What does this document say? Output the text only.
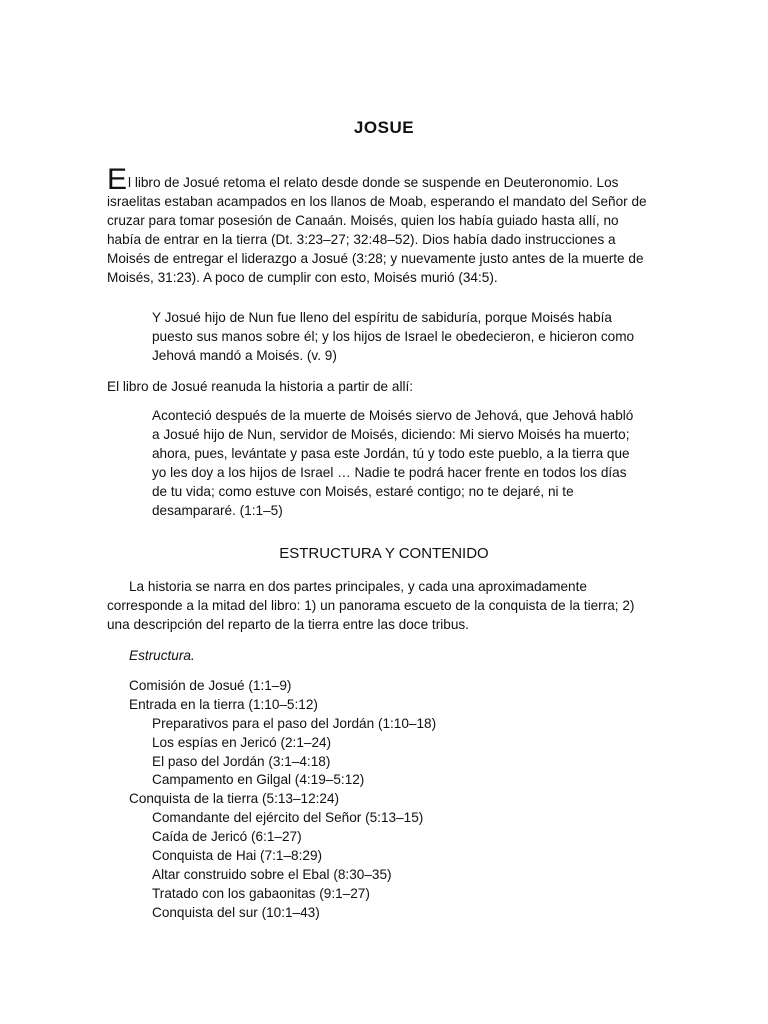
JOSUE

El libro de Josué retoma el relato desde donde se suspende en Deuteronomio. Los israelitas estaban acampados en los llanos de Moab, esperando el mandato del Señor de cruzar para tomar posesión de Canaán. Moisés, quien los había guiado hasta allí, no había de entrar en la tierra (Dt. 3:23–27; 32:48–52). Dios había dado instrucciones a Moisés de entregar el liderazgo a Josué (3:28; y nuevamente justo antes de la muerte de Moisés, 31:23). A poco de cumplir con esto, Moisés murió (34:5).

Y Josué hijo de Nun fue lleno del espíritu de sabiduría, porque Moisés había puesto sus manos sobre él; y los hijos de Israel le obedecieron, e hicieron como Jehová mandó a Moisés. (v. 9)

El libro de Josué reanuda la historia a partir de allí:

Aconteció después de la muerte de Moisés siervo de Jehová, que Jehová habló a Josué hijo de Nun, servidor de Moisés, diciendo: Mi siervo Moisés ha muerto; ahora, pues, levántate y pasa este Jordán, tú y todo este pueblo, a la tierra que yo les doy a los hijos de Israel … Nadie te podrá hacer frente en todos los días de tu vida; como estuve con Moisés, estaré contigo; no te dejaré, ni te desampararé. (1:1–5)

ESTRUCTURA Y CONTENIDO

La historia se narra en dos partes principales, y cada una aproximadamente corresponde a la mitad del libro: 1) un panorama escueto de la conquista de la tierra; 2) una descripción del reparto de la tierra entre las doce tribus.

Estructura.
Comisión de Josué (1:1–9)
Entrada en la tierra (1:10–5:12)
Preparativos para el paso del Jordán (1:10–18)
Los espías en Jericó (2:1–24)
El paso del Jordán (3:1–4:18)
Campamento en Gilgal (4:19–5:12)
Conquista de la tierra (5:13–12:24)
Comandante del ejército del Señor (5:13–15)
Caída de Jericó (6:1–27)
Conquista de Hai (7:1–8:29)
Altar construido sobre el Ebal (8:30–35)
Tratado con los gabaonitas (9:1–27)
Conquista del sur (10:1–43)
